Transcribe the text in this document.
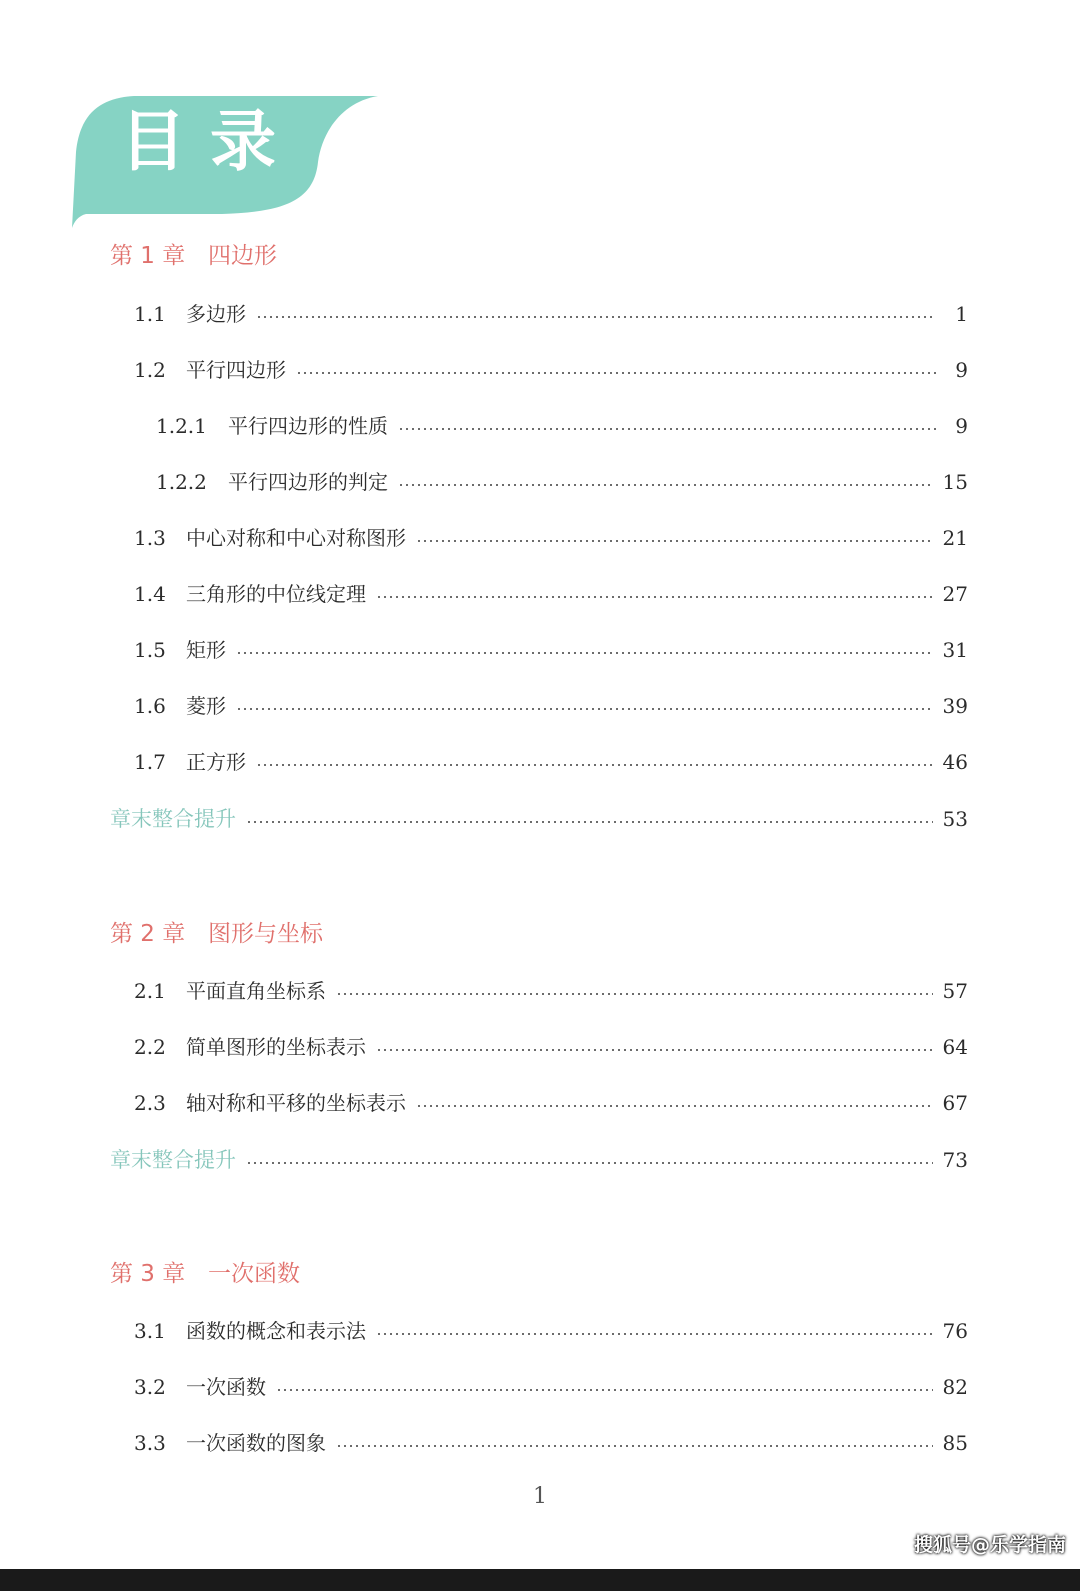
目录
第 1 章 四边形
1.1	多边形	1
1.2	平行四边形	9
1.2.1	平行四边形的性质	9
1.2.2	平行四边形的判定	15
1.3	中心对称和中心对称图形	21
1.4	三角形的中位线定理	27
1.5	矩形	31
1.6	菱形	39
1.7	正方形	46
章末整合提升	53
第 2 章 图形与坐标
2.1	平面直角坐标系	57
2.2	简单图形的坐标表示	64
2.3	轴对称和平移的坐标表示	67
章末整合提升	73
第 3 章 一次函数
3.1	函数的概念和表示法	76
3.2	一次函数	82
3.3	一次函数的图象	85
1
搜狐号@乐学指南
